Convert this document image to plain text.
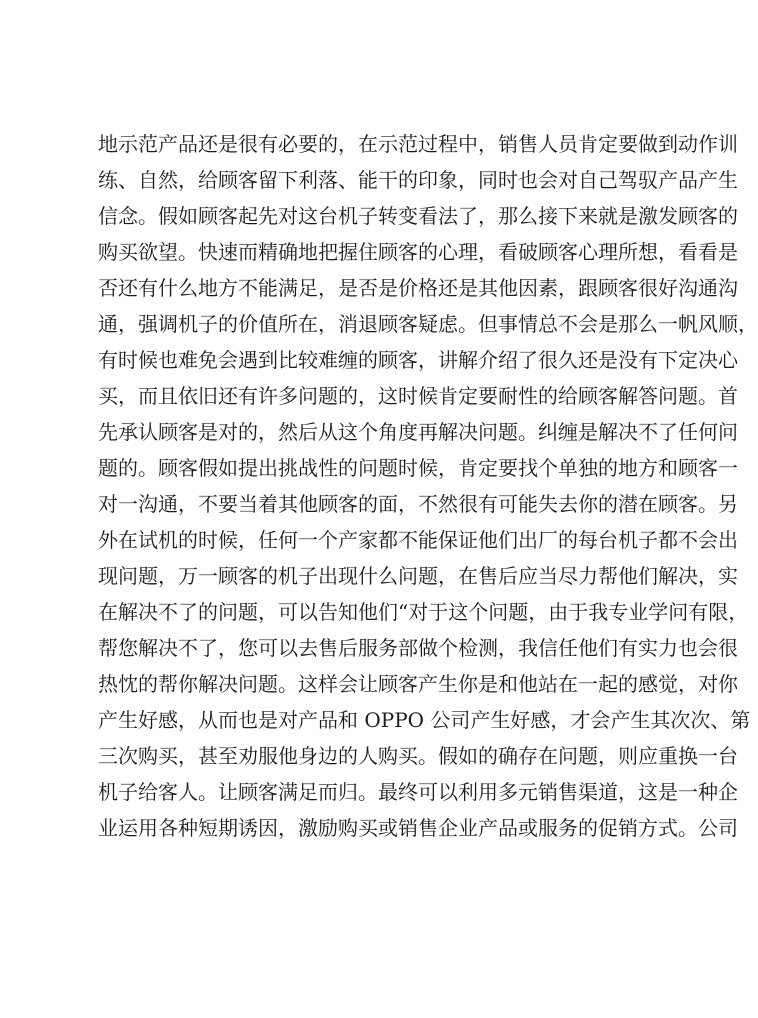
地示范产品还是很有必要的，在示范过程中，销售人员肯定要做到动作训
练、自然，给顾客留下利落、能干的印象，同时也会对自己驾驭产品产生
信念。假如顾客起先对这台机子转变看法了，那么接下来就是激发顾客的
购买欲望。快速而精确地把握住顾客的心理，看破顾客心理所想，看看是
否还有什么地方不能满足，是否是价格还是其他因素，跟顾客很好沟通沟
通，强调机子的价值所在，消退顾客疑虑。但事情总不会是那么一帆风顺，
有时候也难免会遇到比较难缠的顾客，讲解介绍了很久还是没有下定决心
买，而且依旧还有许多问题的，这时候肯定要耐性的给顾客解答问题。首
先承认顾客是对的，然后从这个角度再解决问题。纠缠是解决不了任何问
题的。顾客假如提出挑战性的问题时候，肯定要找个单独的地方和顾客一
对一沟通，不要当着其他顾客的面，不然很有可能失去你的潜在顾客。另
外在试机的时候，任何一个产家都不能保证他们出厂的每台机子都不会出
现问题，万一顾客的机子出现什么问题，在售后应当尽力帮他们解决，实
在解决不了的问题，可以告知他们“对于这个问题，由于我专业学问有限，
帮您解决不了，您可以去售后服务部做个检测，我信任他们有实力也会很
热忱的帮你解决问题。这样会让顾客产生你是和他站在一起的感觉，对你
产生好感，从而也是对产品和 OPPO 公司产生好感，才会产生其次次、第
三次购买，甚至劝服他身边的人购买。假如的确存在问题，则应重换一台
机子给客人。让顾客满足而归。最终可以利用多元销售渠道，这是一种企
业运用各种短期诱因，激励购买或销售企业产品或服务的促销方式。公司
